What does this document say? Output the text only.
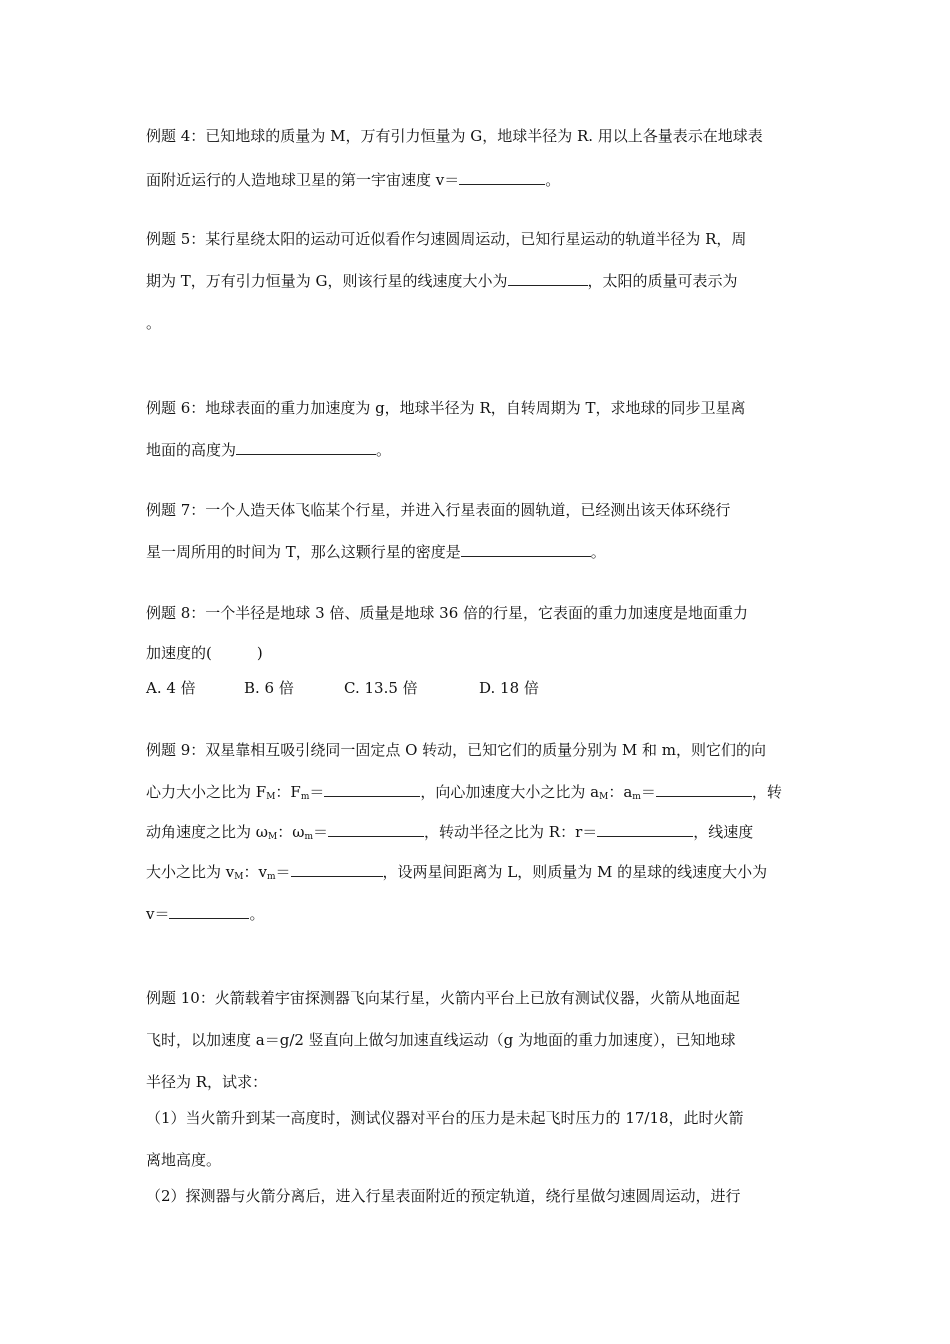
例题 4：已知地球的质量为 M，万有引力恒量为 G，地球半径为 R. 用以上各量表示在地球表
面附近运行的人造地球卫星的第一宇宙速度 v＝	。
例题 5：某行星绕太阳的运动可近似看作匀速圆周运动，已知行星运动的轨道半径为 R，周
期为 T，万有引力恒量为 G，则该行星的线速度大小为	，太阳的质量可表示为
。
例题 6：地球表面的重力加速度为 g，地球半径为 R，自转周期为 T，求地球的同步卫星离
地面的高度为	。
例题 7：一个人造天体飞临某个行星，并进入行星表面的圆轨道，已经测出该天体环绕行
星一周所用的时间为 T，那么这颗行星的密度是	。
例题 8：一个半径是地球 3 倍、质量是地球 36 倍的行星，它表面的重力加速度是地面重力
加速度的(　　　)
A. 4 倍	B. 6 倍	C. 13.5 倍	D. 18 倍
例题 9：双星靠相互吸引绕同一固定点 O 转动，已知它们的质量分别为 M 和 m，则它们的向
心力大小之比为 $F_M$：$F_m=$	，向心加速度大小之比为 $a_M$：$a_m=$	，转
动角速度之比为 $\omega_M$：$\omega_m=$	，转动半径之比为 R：r＝	，线速度
大小之比为 $v_M$：$v_m=$	，设两星间距离为 L，则质量为 M 的星球的线速度大小为
v＝	。
例题 10：火箭载着宇宙探测器飞向某行星，火箭内平台上已放有测试仪器，火箭从地面起
飞时，以加速度 a＝g/2 竖直向上做匀加速直线运动（g 为地面的重力加速度），已知地球
半径为 R，试求：
（1）当火箭升到某一高度时，测试仪器对平台的压力是未起飞时压力的 17/18，此时火箭
离地高度。
（2）探测器与火箭分离后，进入行星表面附近的预定轨道，绕行星做匀速圆周运动，进行
